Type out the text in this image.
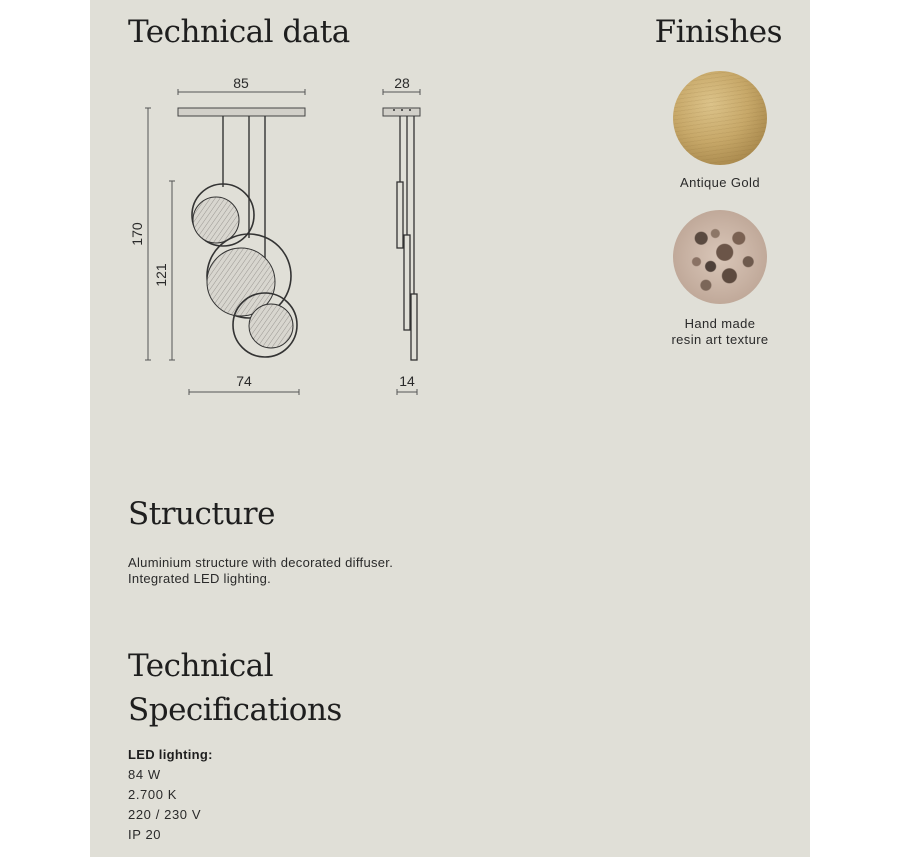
Technical data	Finishes
85
170
121
74
28
14
Antique Gold
Hand made
resin art texture
Structure
Aluminium structure with decorated diffuser.
Integrated LED lighting.
Technical
Specifications
LED lighting:
84 W
2.700 K
220 / 230 V
IP 20
